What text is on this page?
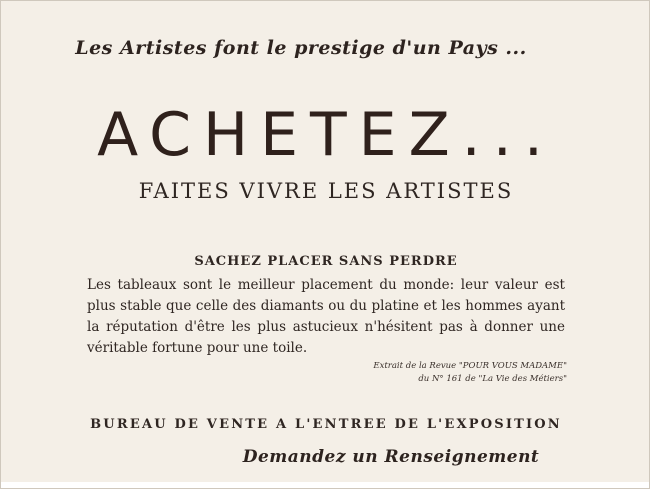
Les Artistes font le prestige d'un Pays ...

ACHETEZ...
FAITES VIVRE LES ARTISTES
SACHEZ PLACER SANS PERDRE
Les tableaux sont le meilleur placement du monde: leur valeur est plus stable que celle des diamants ou du platine et les hommes ayant la réputation d'être les plus astucieux n'hésitent pas à donner une véritable fortune pour une toile.
Extrait de la Revue "POUR VOUS MADAME"
du N° 161 de "La Vie des Métiers"
BUREAU DE VENTE A L'ENTREE DE L'EXPOSITION
Demandez un Renseignement
